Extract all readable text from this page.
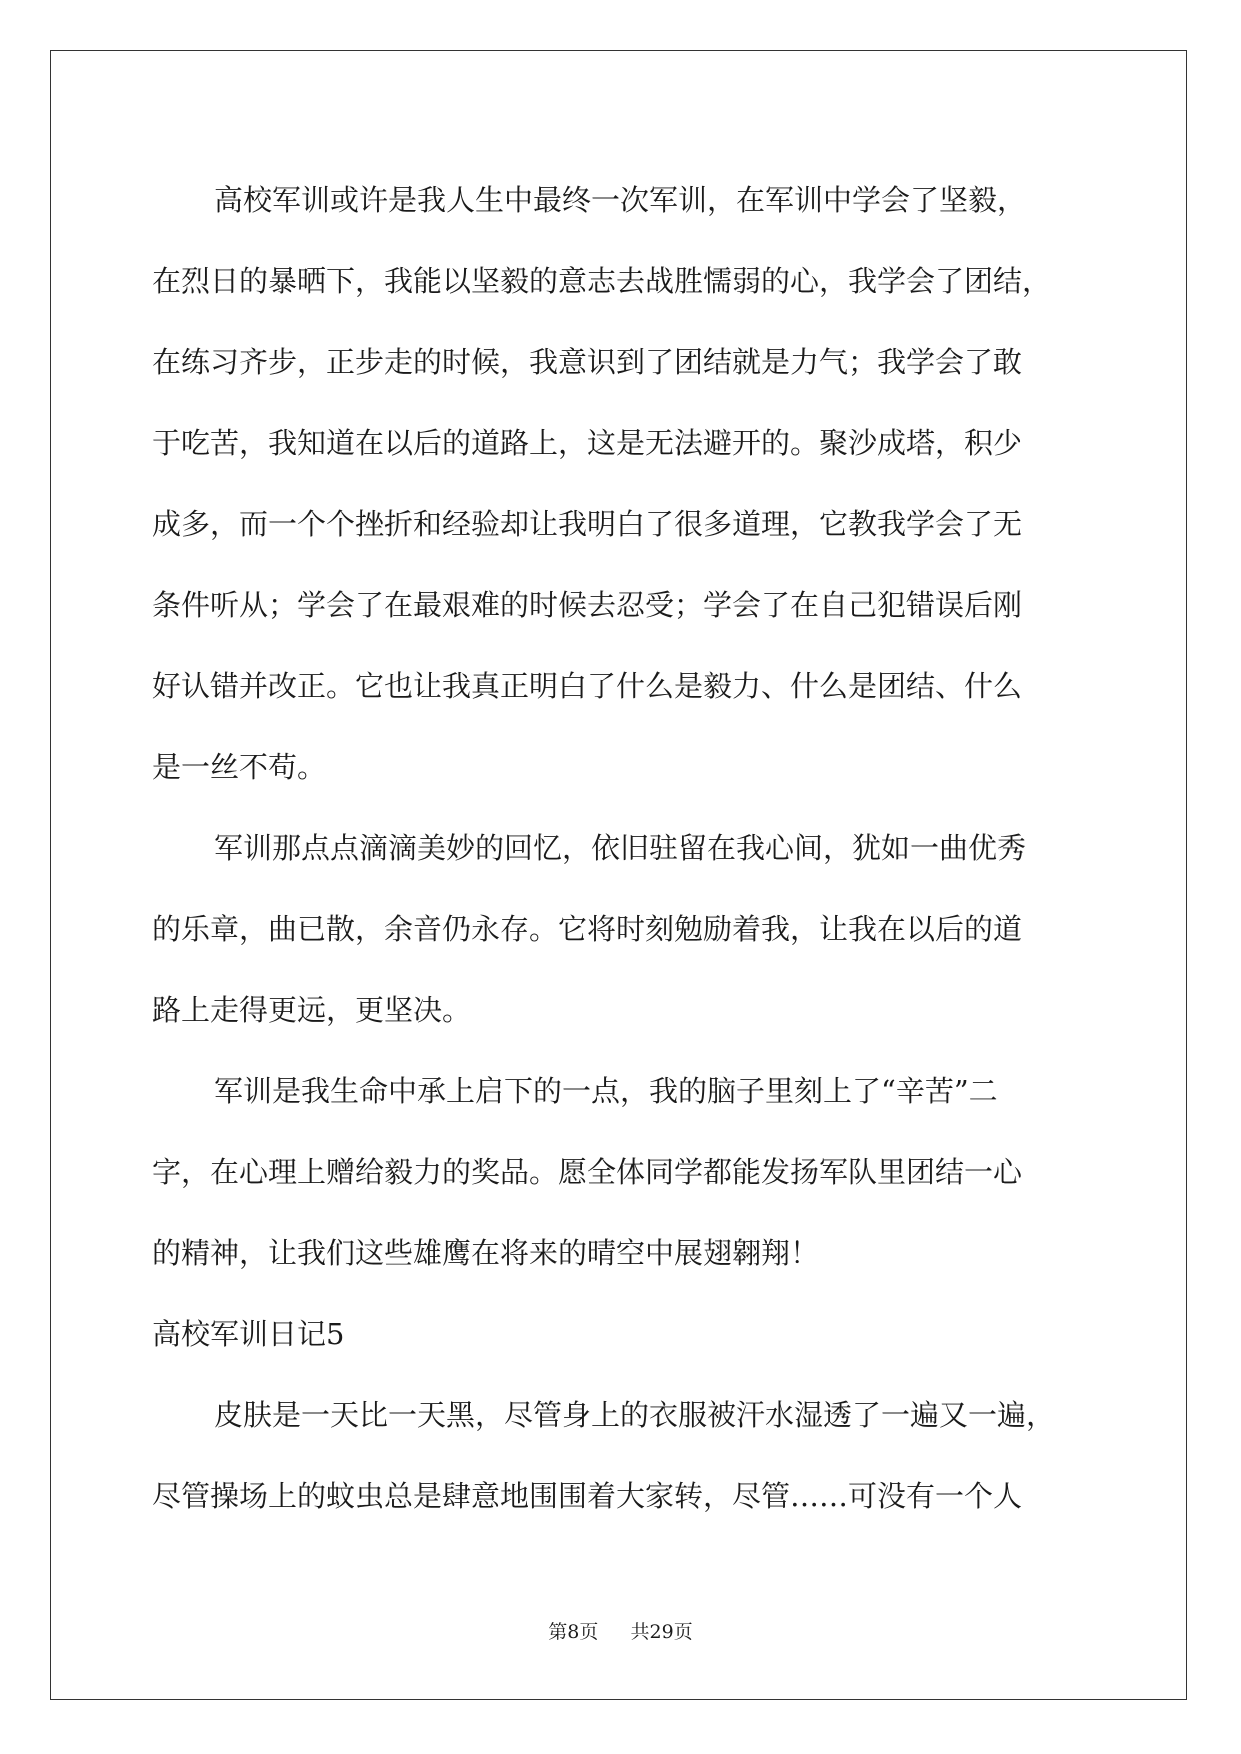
高校军训或许是我人生中最终一次军训，在军训中学会了坚毅，
在烈日的暴晒下，我能以坚毅的意志去战胜懦弱的心，我学会了团结，
在练习齐步，正步走的时候，我意识到了团结就是力气；我学会了敢
于吃苦，我知道在以后的道路上，这是无法避开的。聚沙成塔，积少
成多，而一个个挫折和经验却让我明白了很多道理，它教我学会了无
条件听从；学会了在最艰难的时候去忍受；学会了在自己犯错误后刚
好认错并改正。它也让我真正明白了什么是毅力、什么是团结、什么
是一丝不苟。
军训那点点滴滴美妙的回忆，依旧驻留在我心间，犹如一曲优秀
的乐章，曲已散，余音仍永存。它将时刻勉励着我，让我在以后的道
路上走得更远，更坚决。
军训是我生命中承上启下的一点，我的脑子里刻上了“辛苦”二
字，在心理上赠给毅力的奖品。愿全体同学都能发扬军队里团结一心
的精神，让我们这些雄鹰在将来的晴空中展翅翱翔！
高校军训日记5
皮肤是一天比一天黑，尽管身上的衣服被汗水湿透了一遍又一遍，
尽管操场上的蚊虫总是肆意地围围着大家转，尽管……可没有一个人
第8页 共29页
